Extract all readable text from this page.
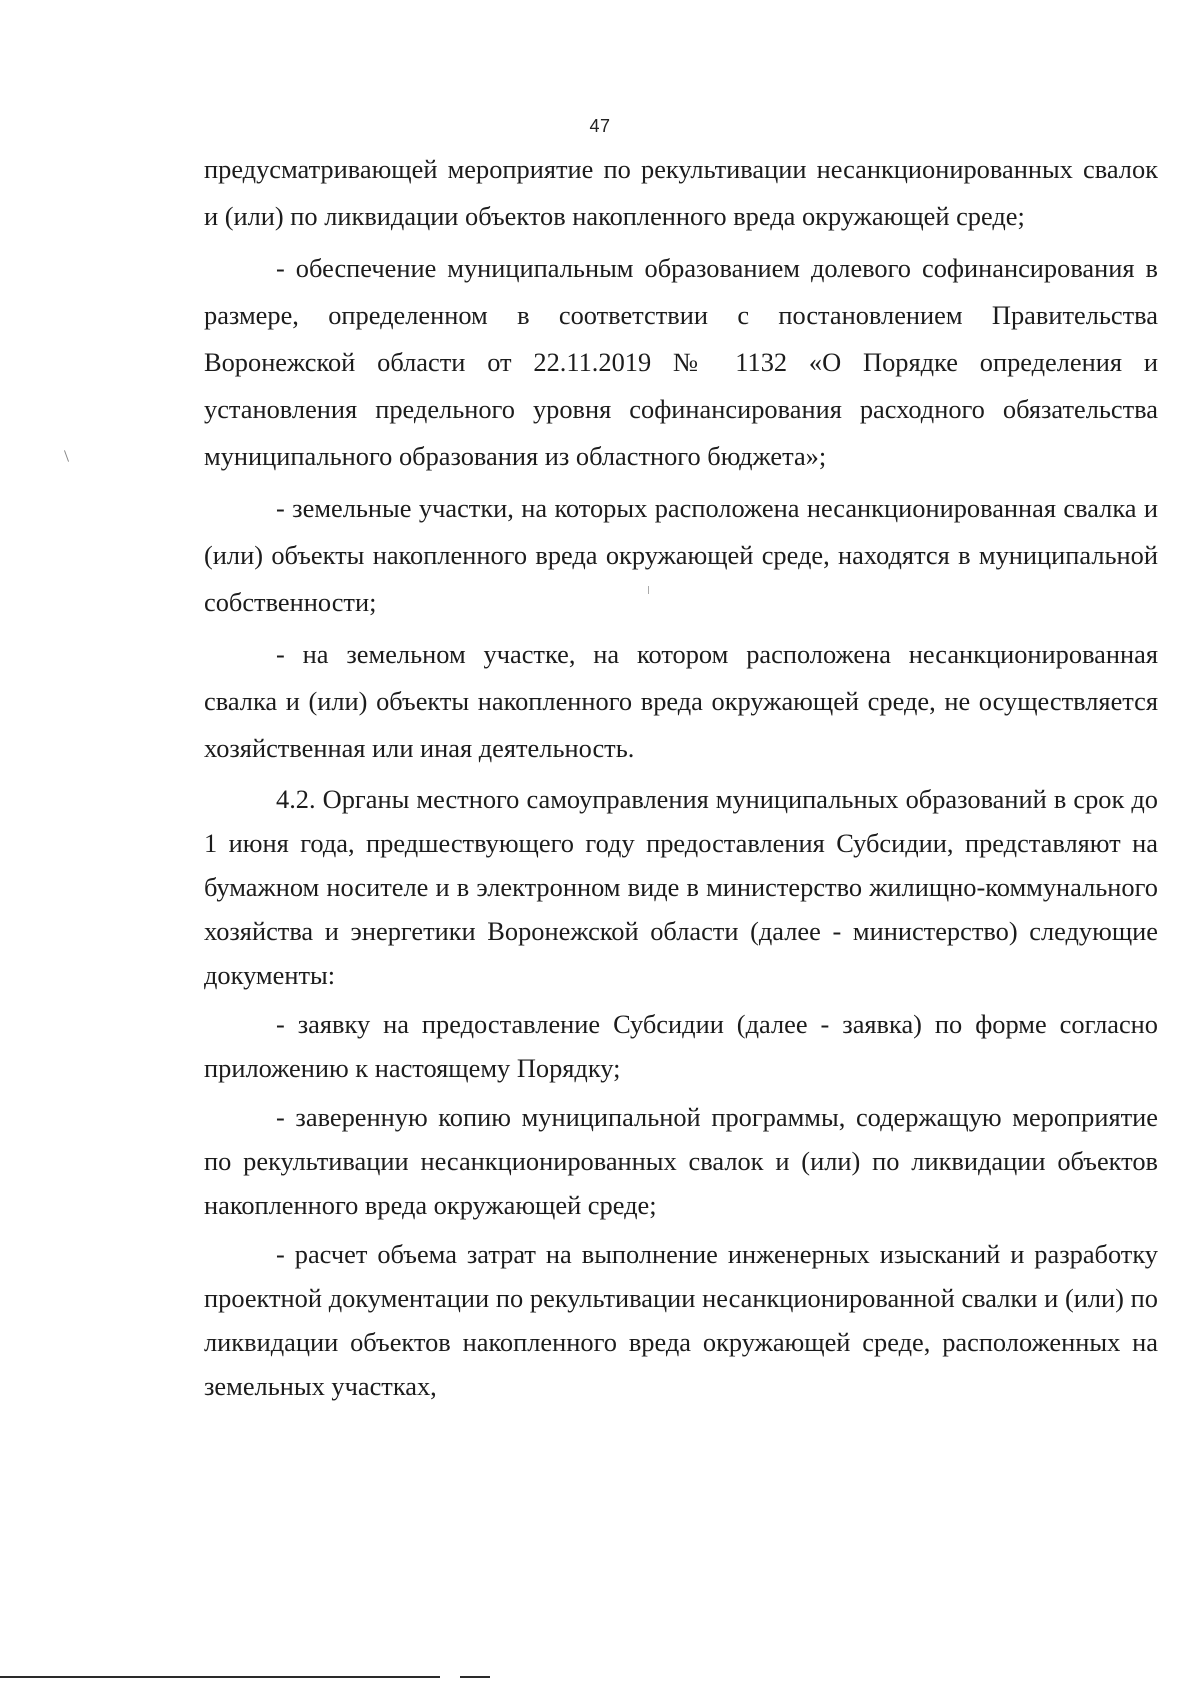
47

предусматривающей мероприятие по рекультивации несанкционированных свалок и (или) по ликвидации объектов накопленного вреда окружающей среде;

- обеспечение муниципальным образованием долевого софинансирования в размере, определенном в соответствии с постановлением Правительства Воронежской области от 22.11.2019 № 1132 «О Порядке определения и установления предельного уровня софинансирования расходного обязательства муниципального образования из областного бюджета»;

- земельные участки, на которых расположена несанкционированная свалка и (или) объекты накопленного вреда окружающей среде, находятся в муниципальной собственности;

- на земельном участке, на котором расположена несанкционированная свалка и (или) объекты накопленного вреда окружающей среде, не осуществляется хозяйственная или иная деятельность.

4.2. Органы местного самоуправления муниципальных образований в срок до 1 июня года, предшествующего году предоставления Субсидии, представляют на бумажном носителе и в электронном виде в министерство жилищно-коммунального хозяйства и энергетики Воронежской области (далее - министерство) следующие документы:

- заявку на предоставление Субсидии (далее - заявка) по форме согласно приложению к настоящему Порядку;

- заверенную копию муниципальной программы, содержащую мероприятие по рекультивации несанкционированных свалок и (или) по ликвидации объектов накопленного вреда окружающей среде;

- расчет объема затрат на выполнение инженерных изысканий и разработку проектной документации по рекультивации несанкционированной свалки и (или) по ликвидации объектов накопленного вреда окружающей среде, расположенных на земельных участках,
